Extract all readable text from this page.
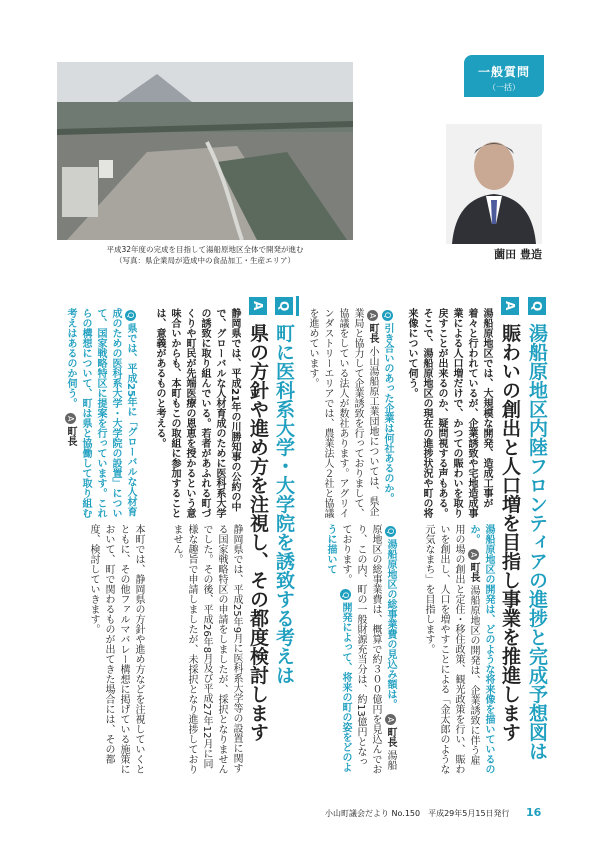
平成32年度の完成を目指して湯船原地区全体で開発が進む
（写真：県企業局が造成中の食品加工・生産エリア）
一般質問
（一括）
薗田 豊造
Q 湯船原地区内陸フロンティアの進捗と完成予想図は
A 賑わいの創出と人口増を目指し事業を推進します
湯船原地区では、大規模な開発、造成工事が着々と行われているが、企業誘致や宅地造成事業による人口増だけで、かつての賑わいを取り戻すことが出来るのか、疑問視する声もある。そこで、湯船原地区の現在の進捗状況や町の将来像について伺う。
Q引き合いのあった企業は何社あるのか。 A町長 小山湯船原工業団地については、県企業局と協力して企業誘致を行っておりまして、協議をしている法人が数社あります。アグリインダストリーエリアでは、農業法人２社と協議を進めています。
湯船原地区の開発は、どのような将来像を描いているのか。 A町長 湯船原地区の開発は、企業誘致に伴う雇用の場の創出と定住・移住政策、観光政策を行い、賑わいを創出し、人口を増やすことによる「金太郎のような元気なまち」を目指します。
Q湯船原地区の総事業費の見込み額は。 A町長 湯船原地区の総事業費は、概算で約３００億円を見込んでおり、この内、町の一般財源充当分は、約13億円となっております。 Q開発によって、将来の町の姿をどのように描いて
Q 町に医科系大学・大学院を誘致する考えは
A 県の方針や進め方を注視し、その都度検討します
静岡県では、平成21年の川勝知事の公約の中で、グローバルな人材育成のために医科系大学の誘致に取り組んでいる。若者があふれる町づくりや町民が先端医療の恩恵を授かるという意味合いからも、本町もこの取組に参加することは、意義があるものと考える。
Q県では、平成25年に「グローバルな人材育成のための医科系大学・大学院の設置」について、国家戦略特区に提案を行っています。これらの構想について、町は県と協働して取り組む考えはあるのか伺う。 A町長
静岡県では、平成25年9月に医科系大学等の設置に関する国家戦略特区の申請をしましたが、採択となりませんでした。その後、平成26年8月及び平成27年12月に同様な趣旨で申請しましたが、未採択となり進捗しておりません。
本町では、静岡県の方針や進め方などを注視していくとともに、その他ファルマバレー構想に掲げている施策において、町で関わるものが出てきた場合には、その都度、検討していきます。
小山町議会だより No.150　平成29年5月15日発行	16
